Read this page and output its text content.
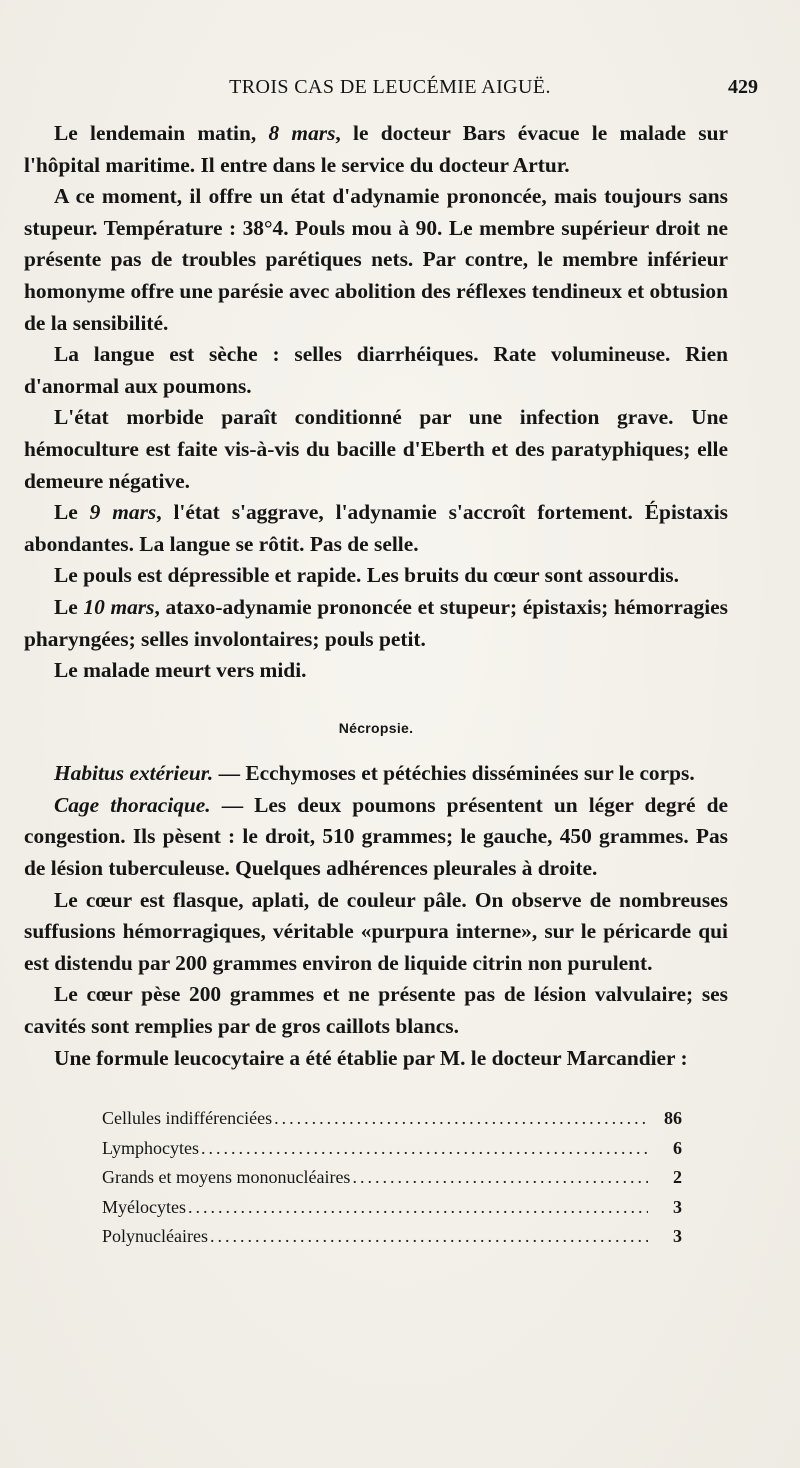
TROIS CAS DE LEUCÉMIE AIGUË.	429

Le lendemain matin, 8 mars, le docteur Bars évacue le malade sur l'hôpital maritime. Il entre dans le service du docteur Artur.

A ce moment, il offre un état d'adynamie prononcée, mais toujours sans stupeur. Température : 38°4. Pouls mou à 90. Le membre supérieur droit ne présente pas de troubles parétiques nets. Par contre, le membre inférieur homonyme offre une parésie avec abolition des réflexes tendineux et obtusion de la sensibilité.

La langue est sèche : selles diarrhéiques. Rate volumineuse. Rien d'anormal aux poumons.

L'état morbide paraît conditionné par une infection grave. Une hémoculture est faite vis-à-vis du bacille d'Eberth et des paratyphiques; elle demeure négative.

Le 9 mars, l'état s'aggrave, l'adynamie s'accroît fortement. Épistaxis abondantes. La langue se rôtit. Pas de selle.

Le pouls est dépressible et rapide. Les bruits du cœur sont assourdis.

Le 10 mars, ataxo-adynamie prononcée et stupeur; épistaxis; hémorragies pharyngées; selles involontaires; pouls petit.

Le malade meurt vers midi.

Nécropsie.

Habitus extérieur. — Ecchymoses et pétéchies disséminées sur le corps.

Cage thoracique. — Les deux poumons présentent un léger degré de congestion. Ils pèsent : le droit, 510 grammes; le gauche, 450 grammes. Pas de lésion tuberculeuse. Quelques adhérences pleurales à droite.

Le cœur est flasque, aplati, de couleur pâle. On observe de nombreuses suffusions hémorragiques, véritable «purpura interne», sur le péricarde qui est distendu par 200 grammes environ de liquide citrin non purulent.

Le cœur pèse 200 grammes et ne présente pas de lésion valvulaire; ses cavités sont remplies par de gros caillots blancs.

Une formule leucocytaire a été établie par M. le docteur Marcandier :

Cellules indifférenciées .....	86
Lymphocytes .....	6
Grands et moyens mononucléaires .....	2
Myélocytes .....	3
Polynucléaires .....	3
